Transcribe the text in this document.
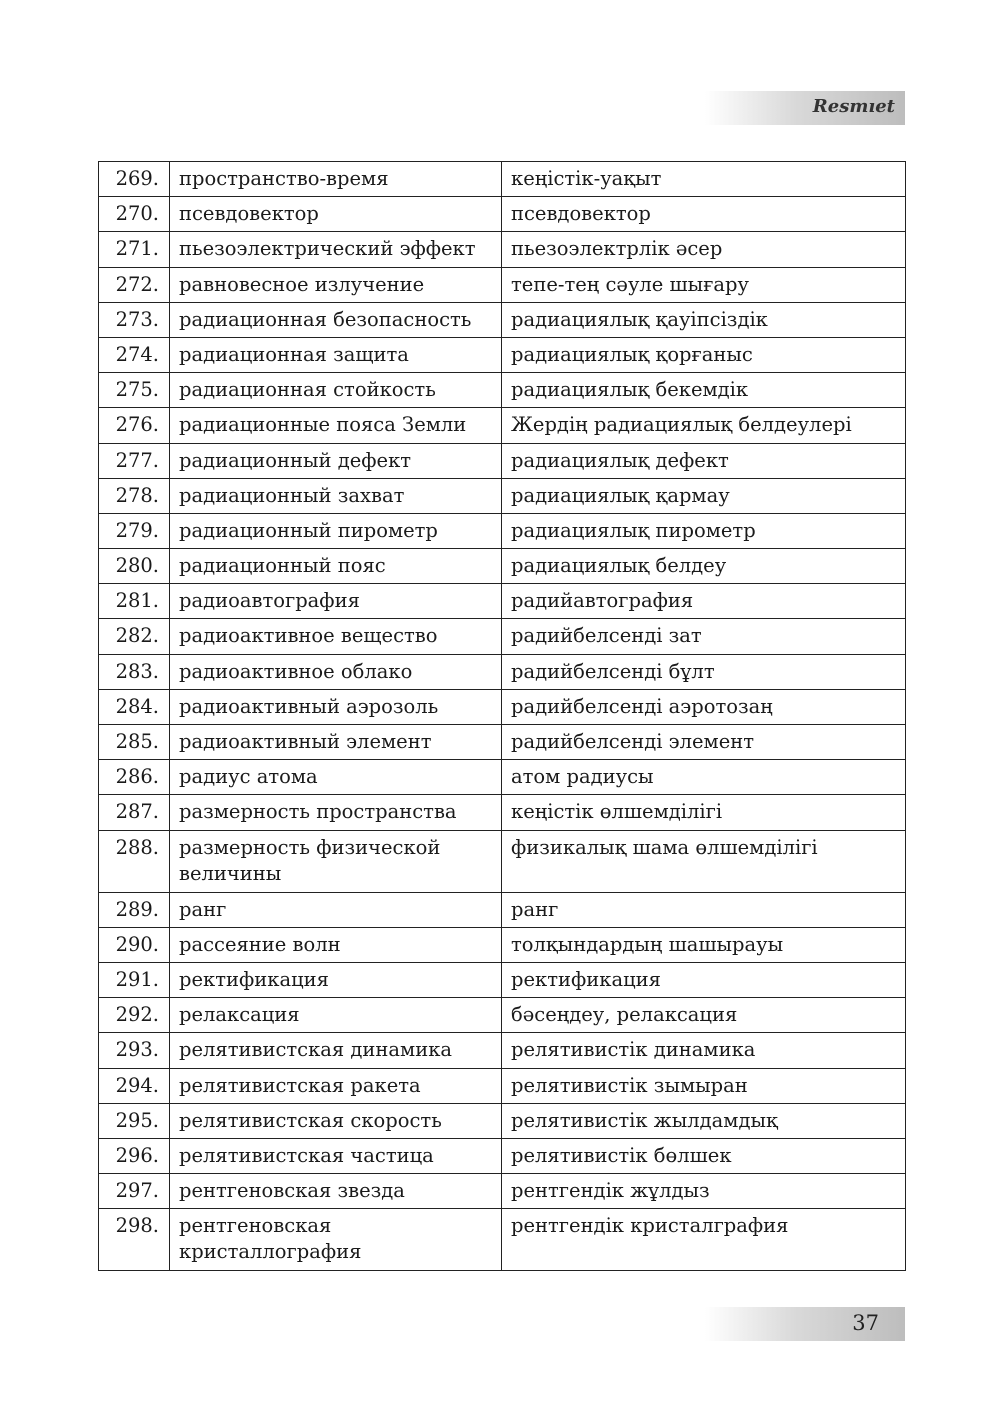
Resmıet
269.	пространство-время	кеңістік-уақыт
270.	псевдовектор	псевдовектор
271.	пьезоэлектрический эффект	пьезоэлектрлік әсер
272.	равновесное излучение	тепе-тең сәуле шығару
273.	радиационная безопасность	радиациялық қауіпсіздік
274.	радиационная защита	радиациялық қорғаныс
275.	радиационная стойкость	радиациялық бекемдік
276.	радиационные пояса Земли	Жердің радиациялық белдеулері
277.	радиационный дефект	радиациялық дефект
278.	радиационный захват	радиациялық қармау
279.	радиационный пирометр	радиациялық пирометр
280.	радиационный пояс	радиациялық белдеу
281.	радиоавтография	радийавтография
282.	радиоактивное вещество	радийбелсенді зат
283.	радиоактивное облако	радийбелсенді бұлт
284.	радиоактивный аэрозоль	радийбелсенді аэротозаң
285.	радиоактивный элемент	радийбелсенді элемент
286.	радиус атома	атом радиусы
287.	размерность пространства	кеңістік өлшемділігі
288.	размерность физической величины	физикалық шама өлшемділігі
289.	ранг	ранг
290.	рассеяние волн	толқындардың шашырауы
291.	ректификация	ректификация
292.	релаксация	бәсеңдеу, релаксация
293.	релятивистская динамика	релятивистік динамика
294.	релятивистская ракета	релятивистік зымыран
295.	релятивистская скорость	релятивистік жылдамдық
296.	релятивистская частица	релятивистік бөлшек
297.	рентгеновская звезда	рентгендік жұлдыз
298.	рентгеновская кристаллография	рентгендік кристалграфия
37
